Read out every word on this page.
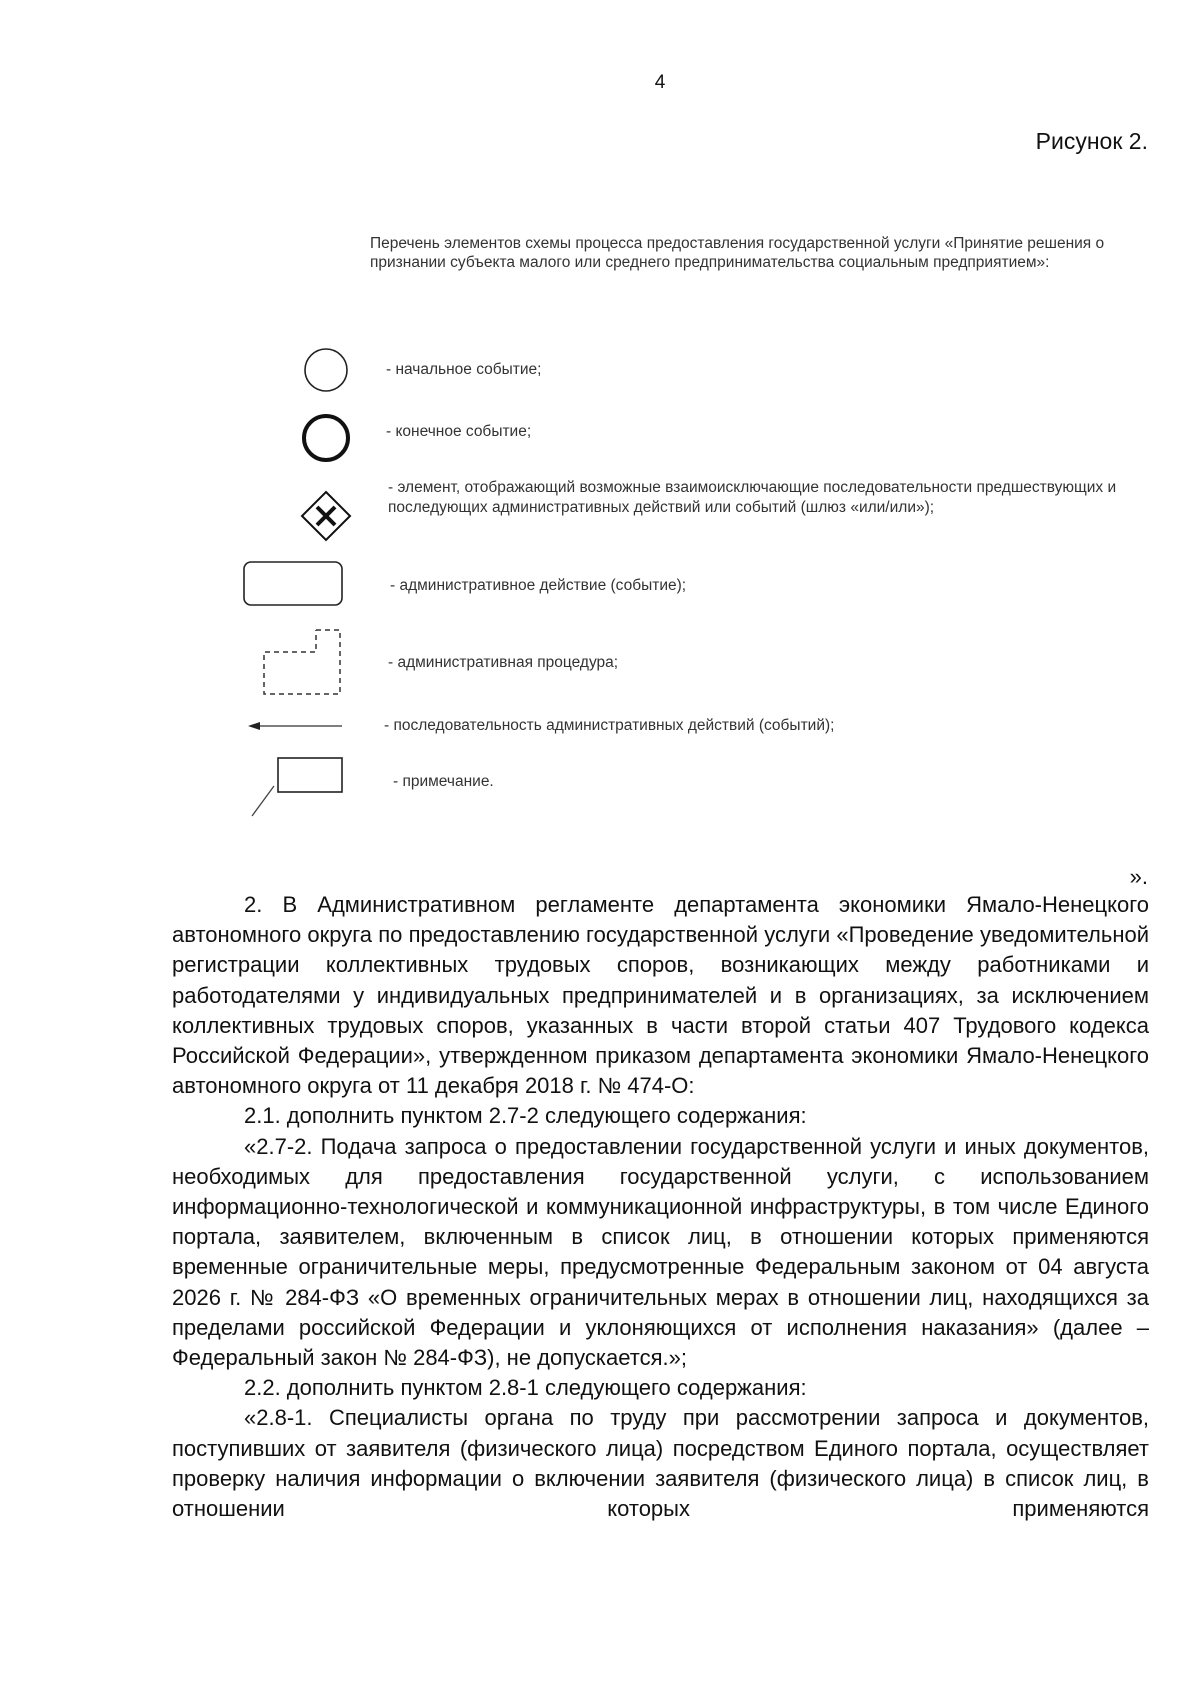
4
Рисунок 2.
Перечень элементов схемы процесса предоставления государственной услуги «Принятие решения о признании субъекта малого или среднего предпринимательства социальным предприятием»:
- начальное событие;
- конечное событие;
- элемент, отображающий возможные взаимоисключающие последовательности предшествующих и последующих административных действий или событий (шлюз «или/или»);
- административное действие (событие);
- административная процедура;
- последовательность административных действий (событий);
- примечание.
».

2. В Административном регламенте департамента экономики Ямало-Ненецкого автономного округа по предоставлению государственной услуги «Проведение уведомительной регистрации коллективных трудовых споров, возникающих между работниками и работодателями у индивидуальных предпринимателей и в организациях, за исключением коллективных трудовых споров, указанных в части второй статьи 407 Трудового кодекса Российской Федерации», утвержденном приказом департамента экономики Ямало-Ненецкого автономного округа от 11 декабря 2018 г. № 474-О:

2.1. дополнить пунктом 2.7-2 следующего содержания:

«2.7-2. Подача запроса о предоставлении государственной услуги и иных документов, необходимых для предоставления государственной услуги, с использованием информационно-технологической и коммуникационной инфраструктуры, в том числе Единого портала, заявителем, включенным в список лиц, в отношении которых применяются временные ограничительные меры, предусмотренные Федеральным законом от 04 августа 2026 г. № 284-ФЗ «О временных ограничительных мерах в отношении лиц, находящихся за пределами российской Федерации и уклоняющихся от исполнения наказания» (далее – Федеральный закон № 284-ФЗ), не допускается.»;

2.2. дополнить пунктом 2.8-1 следующего содержания:

«2.8-1. Специалисты органа по труду при рассмотрении запроса и документов, поступивших от заявителя (физического лица) посредством Единого портала, осуществляет проверку наличия информации о включении заявителя (физического лица) в список лиц, в отношении которых применяются
